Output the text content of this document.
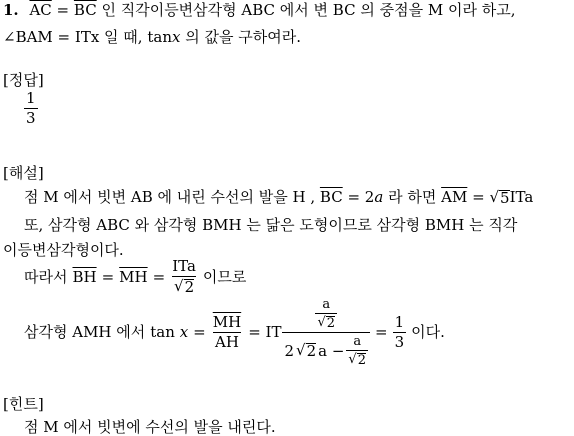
1. $\overline{AC} = \overline{BC}$ 인 직각이등변삼각형 ABC 에서 변 BC 의 중점을 M 이라 하고,
∠BAM = ITx 일 때, tanx 의 값을 구하여라.
[정답]
$\frac{1}{3}$
[해설]
점 M 에서 빗변 AB 에 내린 수선의 발을 H , $\overline{BC} = 2a$ 라 하면 $\overline{AM}$ = √ 5 ITa
또, 삼각형 ABC 와 삼각형 BMH 는 닮은 도형이므로 삼각형 BMH 는 직각
이등변삼각형이다.
따라서 $\overline{BH} = \overline{MH} = \frac{\text{ITa}}{√ 2}$ 이므로
삼각형 AMH 에서 $\tan x = \frac{\overline{MH}}{AH}$ = IT $\frac{\frac{a}{√ 2}}{2 √ 2 a - \frac{a}{√ 2}} = \frac{1}{3}$ 이다.
[힌트]
점 M 에서 빗변에 수선의 발을 내린다.
